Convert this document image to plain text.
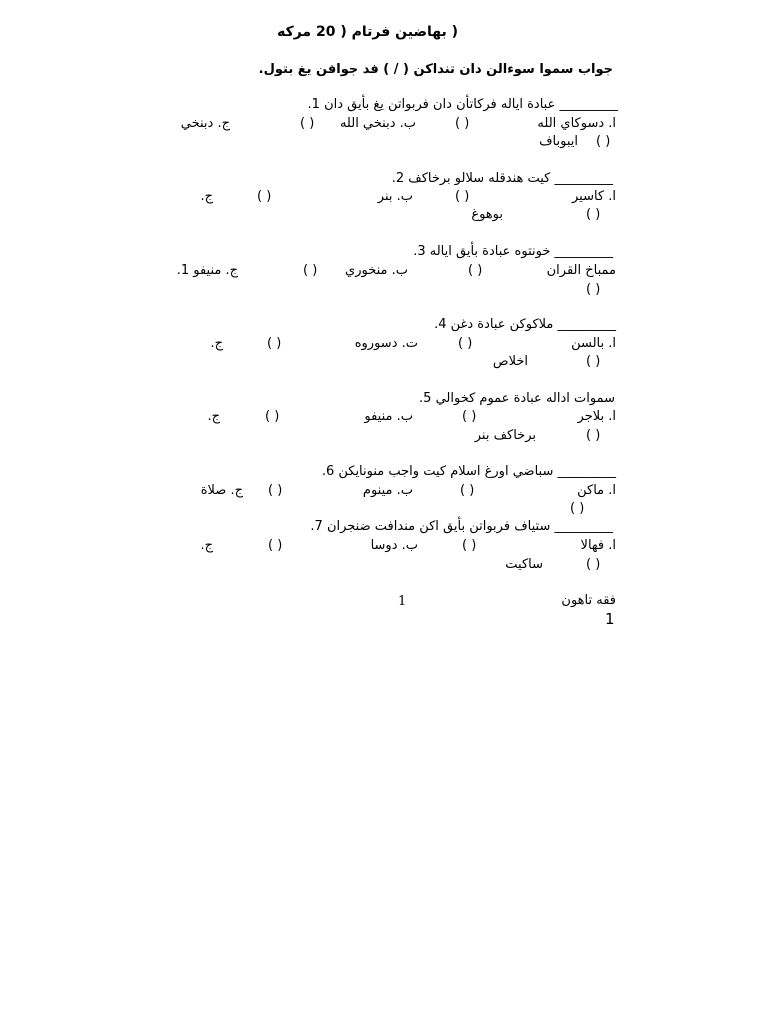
( بهاضين فرتام ( 20 مركه
جواب سموا سوءالن دان تنداكن ( / ) فد جوافن يغ بتول.
_________ عبادة اياله فركاتأن دان فربواتن يغ بأيق دان 1.
ا. دسوكاي الله
( )
ب. دبنخي الله
( )
ج. دبنخي
ايبوباف ( )
_________ كيت هندقله سلالو برخاكف 2.
ا. كاسير
( )
ب. بنر
( )
ج.
بوهوغ	( )
_________ خونتوه عبادة بأيق اياله 3.
ممباخ القران
( )
ب. منخوري
( )
ج. منيفو 1.
( )
_________ ملاكوكن عبادة دغن 4.
ا. بالسن
( )
ت. دسوروه
( )
ج.
اخلاص	( )
سموات اداله عبادة عموم كخوالي 5.
ا. بلاجر
( )
ب. منيفو
( )
ج.
برخاكف بنر	( )
_________ سباضي اورغ اسلام كيت واجب منونايكن 6.
ا. ماكن
( )
ب. مينوم
( )
ج. صلاة
( )
_________ ستياف فربواتن بأيق اكن مندافت ضنجران 7.
ا. فهالا
( )
ب. دوسا
( )
ج.
ساكيت	( )
فقه تاهون
1
1
